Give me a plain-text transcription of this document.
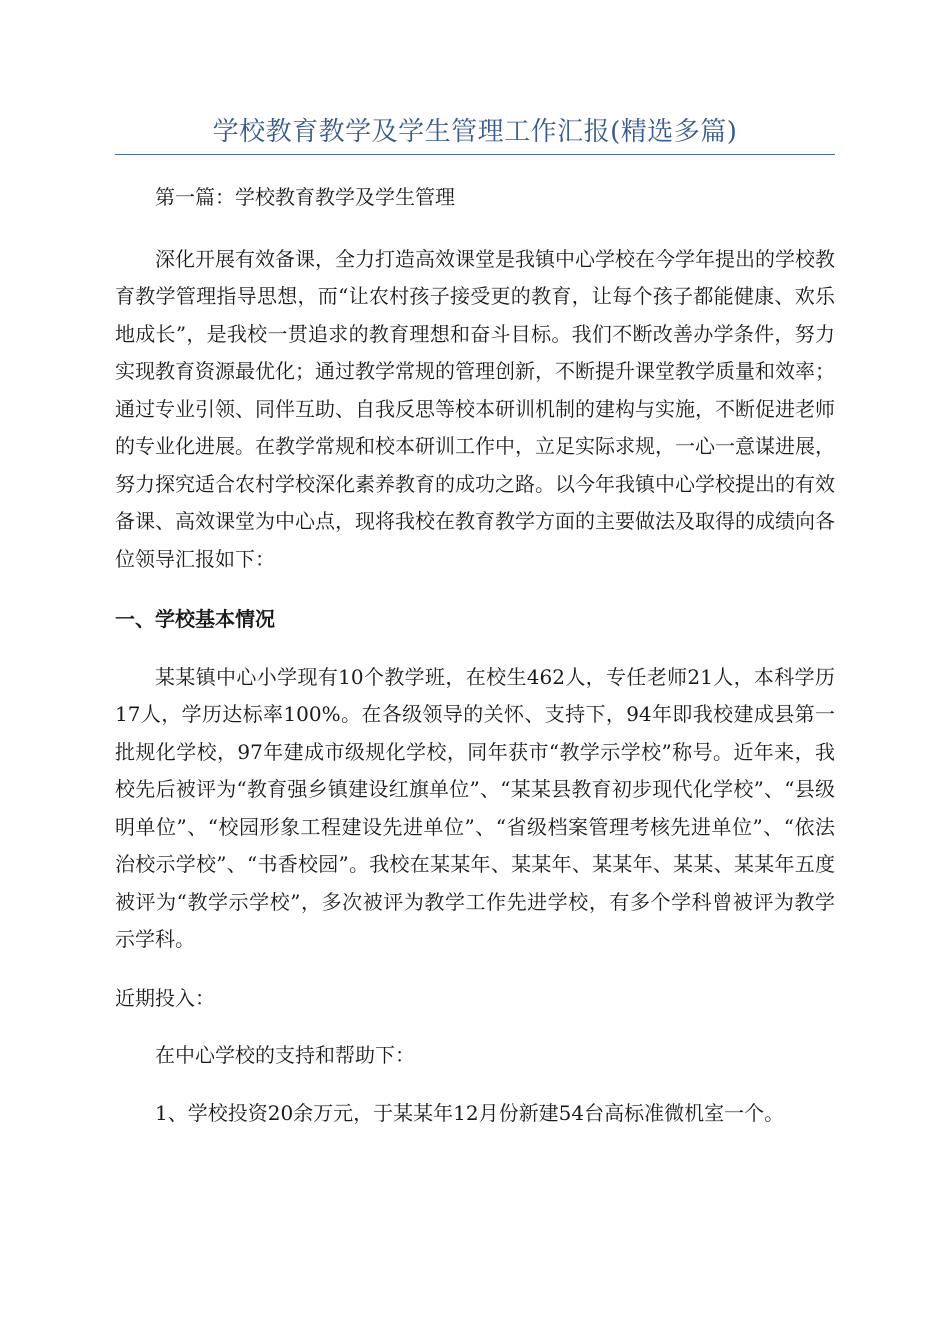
学校教育教学及学生管理工作汇报(精选多篇)

第一篇：学校教育教学及学生管理

深化开展有效备课，全力打造高效课堂是我镇中心学校在今学年提出的学校教育教学管理指导思想，而“让农村孩子接受更的教育，让每个孩子都能健康、欢乐地成长”，是我校一贯追求的教育理想和奋斗目标。我们不断改善办学条件，努力实现教育资源最优化；通过教学常规的管理创新，不断提升课堂教学质量和效率；通过专业引领、同伴互助、自我反思等校本研训机制的建构与实施，不断促进老师的专业化进展。在教学常规和校本研训工作中，立足实际求规，一心一意谋进展，努力探究适合农村学校深化素养教育的成功之路。以今年我镇中心学校提出的有效备课、高效课堂为中心点，现将我校在教育教学方面的主要做法及取得的成绩向各位领导汇报如下：

一、学校基本情况

某某镇中心小学现有10个教学班，在校生462人，专任老师21人，本科学历17人，学历达标率100%。在各级领导的关怀、支持下，94年即我校建成县第一批规化学校，97年建成市级规化学校，同年获市“教学示学校”称号。近年来，我校先后被评为“教育强乡镇建设红旗单位”、“某某县教育初步现代化学校”、“县级明单位”、“校园形象工程建设先进单位”、“省级档案管理考核先进单位”、“依法治校示学校”、“书香校园”。我校在某某年、某某年、某某年、某某、某某年五度被评为“教学示学校”，多次被评为教学工作先进学校，有多个学科曾被评为教学示学科。

近期投入：

在中心学校的支持和帮助下：

1、学校投资20余万元，于某某年12月份新建54台高标准微机室一个。
